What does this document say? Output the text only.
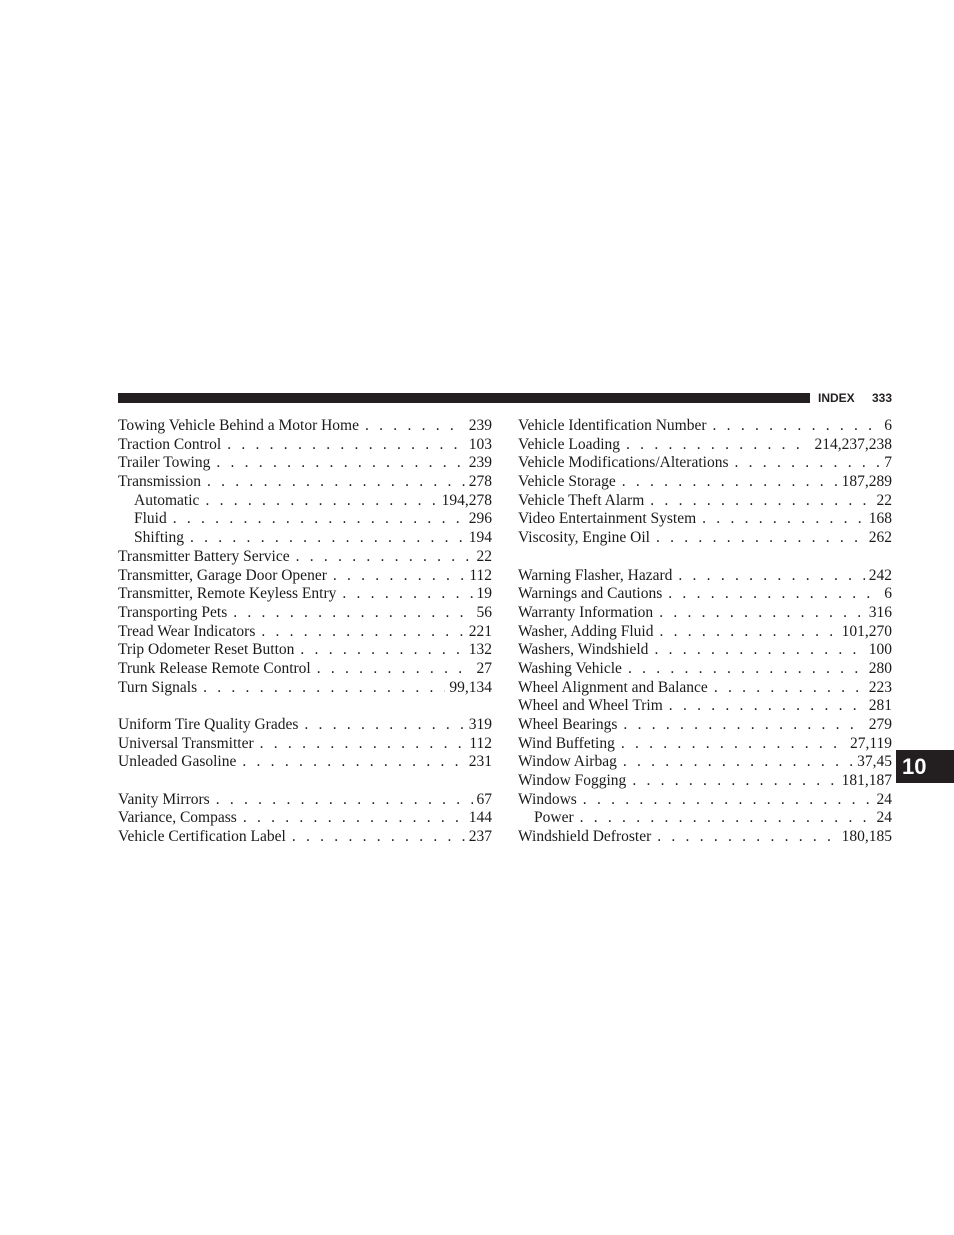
INDEX 333
Towing Vehicle Behind a Motor Home . . .	239
Traction Control . . .	103
Trailer Towing . . .	239
Transmission . . .	278
Automatic . . .	194,278
Fluid . . .	296
Shifting . . .	194
Transmitter Battery Service . . .	22
Transmitter, Garage Door Opener . . .	112
Transmitter, Remote Keyless Entry . . .	19
Transporting Pets . . .	56
Tread Wear Indicators . . .	221
Trip Odometer Reset Button . . .	132
Trunk Release Remote Control . . .	27
Turn Signals . . .	99,134
Uniform Tire Quality Grades . . .	319
Universal Transmitter . . .	112
Unleaded Gasoline . . .	231
Vanity Mirrors . . .	67
Variance, Compass . . .	144
Vehicle Certification Label . . .	237
Vehicle Identification Number . . .	6
Vehicle Loading . . .	214,237,238
Vehicle Modifications/Alterations . . .	7
Vehicle Storage . . .	187,289
Vehicle Theft Alarm . . .	22
Video Entertainment System . . .	168
Viscosity, Engine Oil . . .	262
Warning Flasher, Hazard . . .	242
Warnings and Cautions . . .	6
Warranty Information . . .	316
Washer, Adding Fluid . . .	101,270
Washers, Windshield . . .	100
Washing Vehicle . . .	280
Wheel Alignment and Balance . . .	223
Wheel and Wheel Trim . . .	281
Wheel Bearings . . .	279
Wind Buffeting . . .	27,119
Window Airbag . . .	37,45
Window Fogging . . .	181,187
Windows . . .	24
Power . . .	24
Windshield Defroster . . .	180,185
10
